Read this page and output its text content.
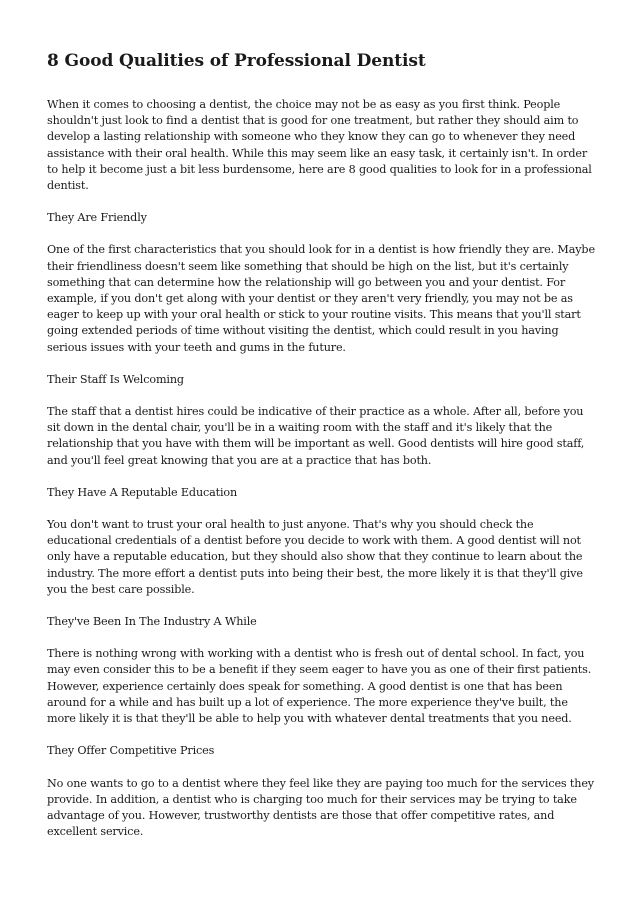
8 Good Qualities of Professional Dentist

When it comes to choosing a dentist, the choice may not be as easy as you first think. People shouldn't just look to find a dentist that is good for one treatment, but rather they should aim to develop a lasting relationship with someone who they know they can go to whenever they need assistance with their oral health. While this may seem like an easy task, it certainly isn't. In order to help it become just a bit less burdensome, here are 8 good qualities to look for in a professional dentist.

They Are Friendly

One of the first characteristics that you should look for in a dentist is how friendly they are. Maybe their friendliness doesn't seem like something that should be high on the list, but it's certainly something that can determine how the relationship will go between you and your dentist. For example, if you don't get along with your dentist or they aren't very friendly, you may not be as eager to keep up with your oral health or stick to your routine visits. This means that you'll start going extended periods of time without visiting the dentist, which could result in you having serious issues with your teeth and gums in the future.

Their Staff Is Welcoming

The staff that a dentist hires could be indicative of their practice as a whole. After all, before you sit down in the dental chair, you'll be in a waiting room with the staff and it's likely that the relationship that you have with them will be important as well. Good dentists will hire good staff, and you'll feel great knowing that you are at a practice that has both.

They Have A Reputable Education

You don't want to trust your oral health to just anyone. That's why you should check the educational credentials of a dentist before you decide to work with them. A good dentist will not only have a reputable education, but they should also show that they continue to learn about the industry. The more effort a dentist puts into being their best, the more likely it is that they'll give you the best care possible.

They've Been In The Industry A While

There is nothing wrong with working with a dentist who is fresh out of dental school. In fact, you may even consider this to be a benefit if they seem eager to have you as one of their first patients. However, experience certainly does speak for something. A good dentist is one that has been around for a while and has built up a lot of experience. The more experience they've built, the more likely it is that they'll be able to help you with whatever dental treatments that you need.

They Offer Competitive Prices

No one wants to go to a dentist where they feel like they are paying too much for the services they provide. In addition, a dentist who is charging too much for their services may be trying to take advantage of you. However, trustworthy dentists are those that offer competitive rates, and excellent service.
